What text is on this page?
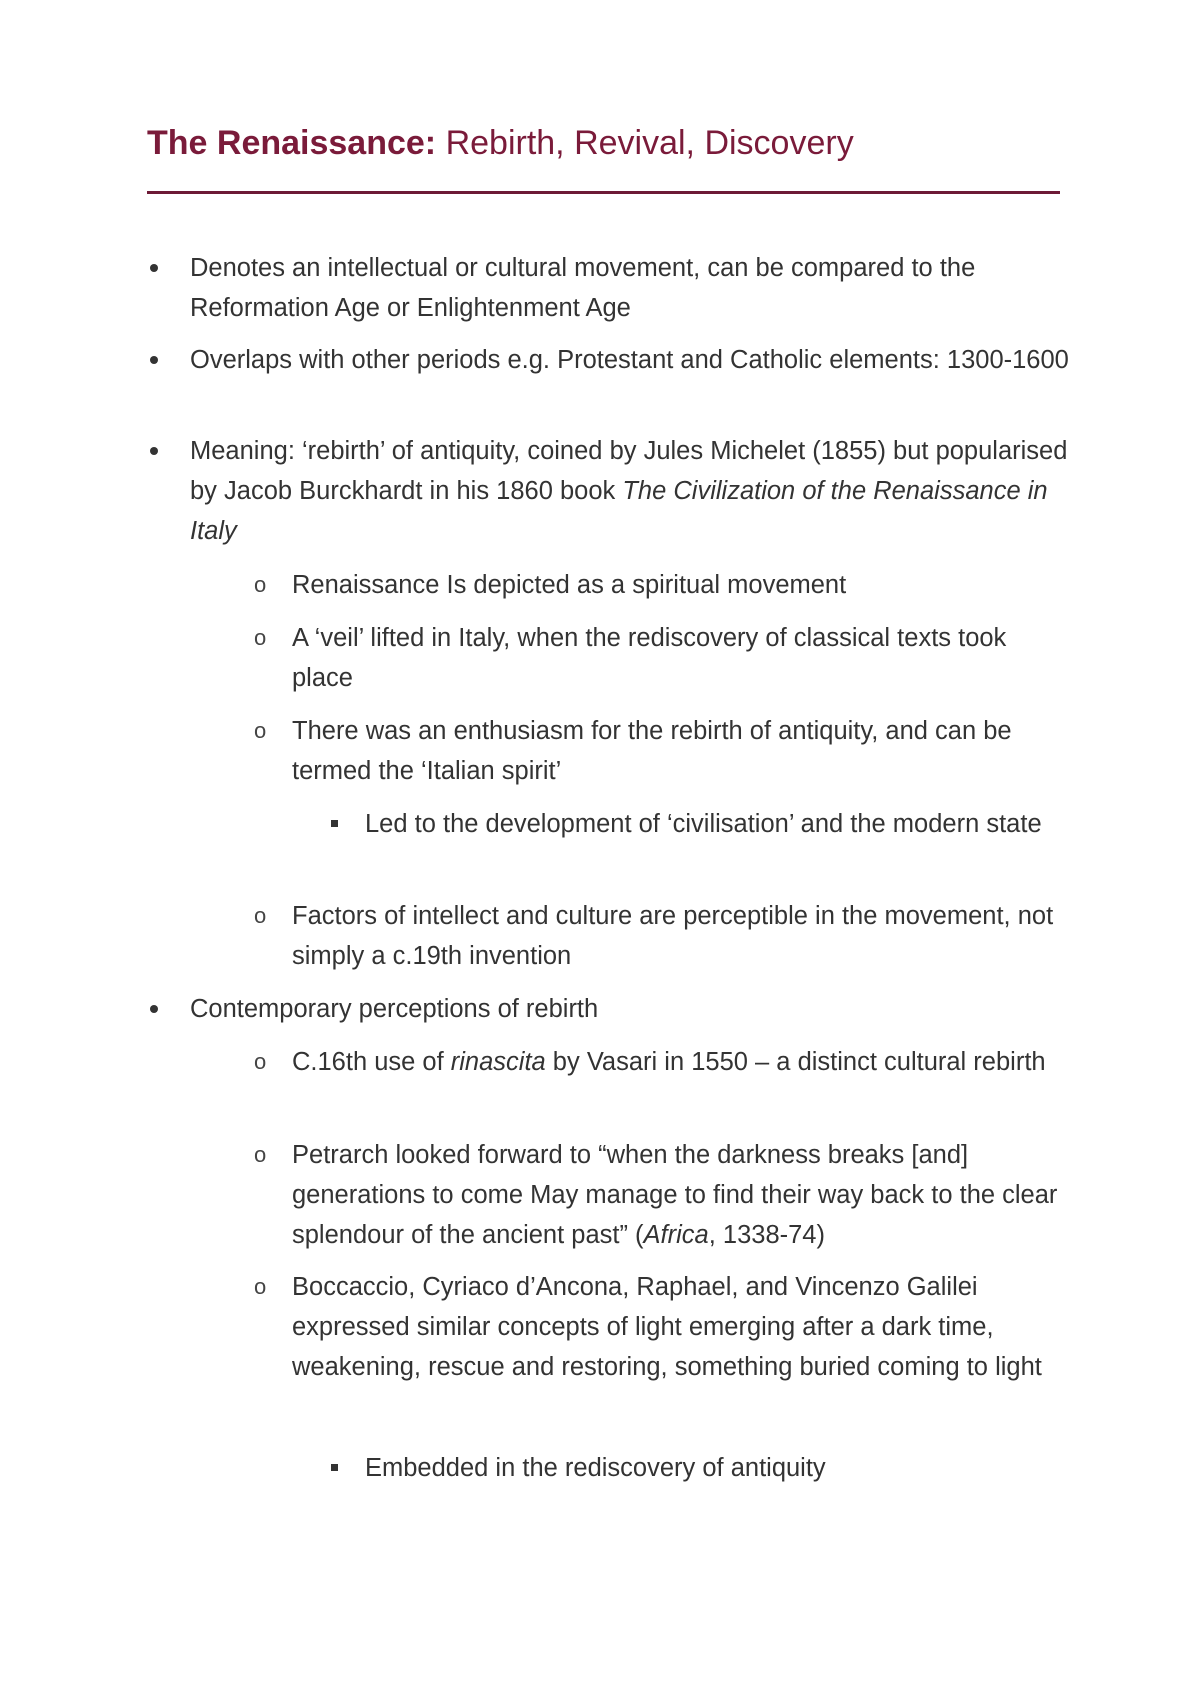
The Renaissance: Rebirth, Revival, Discovery
Denotes an intellectual or cultural movement, can be compared to the Reformation Age or Enlightenment Age
Overlaps with other periods e.g. Protestant and Catholic elements: 1300-1600
Meaning: ‘rebirth’ of antiquity, coined by Jules Michelet (1855) but popularised by Jacob Burckhardt in his 1860 book The Civilization of the Renaissance in Italy
o Renaissance Is depicted as a spiritual movement
o A ‘veil’ lifted in Italy, when the rediscovery of classical texts took place
o There was an enthusiasm for the rebirth of antiquity, and can be termed the ‘Italian spirit’
Led to the development of ‘civilisation’ and the modern state
o Factors of intellect and culture are perceptible in the movement, not simply a c.19th invention
Contemporary perceptions of rebirth
o C.16th use of rinascita by Vasari in 1550 – a distinct cultural rebirth
o Petrarch looked forward to “when the darkness breaks [and] generations to come May manage to find their way back to the clear splendour of the ancient past” (Africa, 1338-74)
o Boccaccio, Cyriaco d’Ancona, Raphael, and Vincenzo Galilei expressed similar concepts of light emerging after a dark time, weakening, rescue and restoring, something buried coming to light
Embedded in the rediscovery of antiquity
